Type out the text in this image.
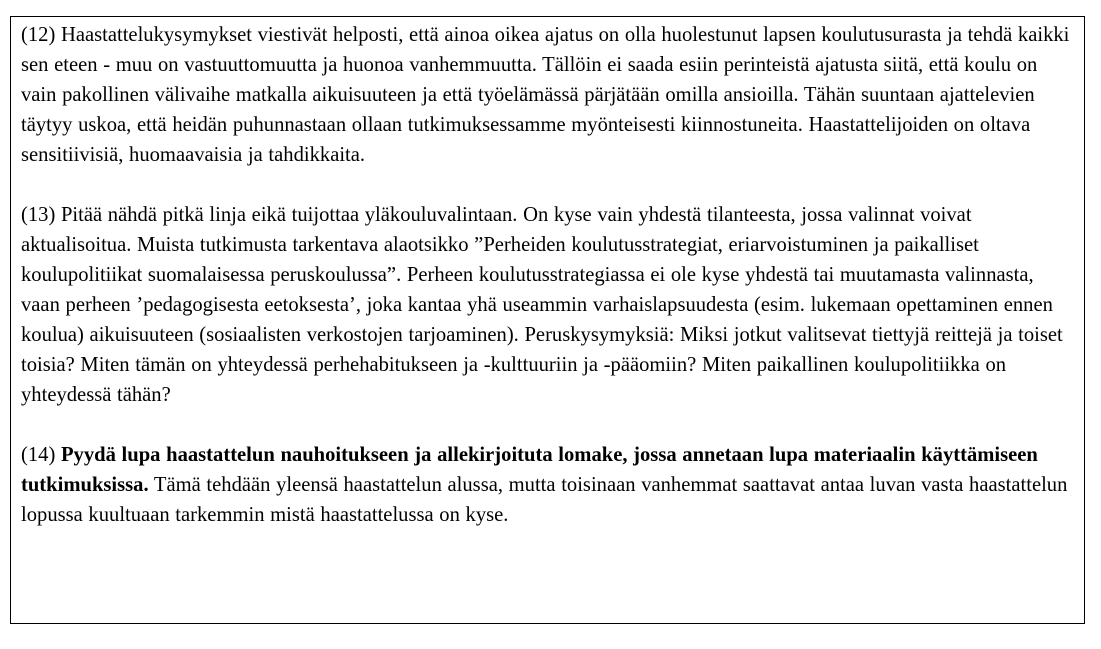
(12) Haastattelukysymykset viestivät helposti, että ainoa oikea ajatus on olla huolestunut lapsen koulutusurasta ja tehdä kaikki sen eteen - muu on vastuuttomuutta ja huonoa vanhemmuutta. Tällöin ei saada esiin perinteistä ajatusta siitä, että koulu on vain pakollinen välivaihe matkalla aikuisuuteen ja että työelämässä pärjätään omilla ansioilla. Tähän suuntaan ajattelevien täytyy uskoa, että heidän puhunnastaan ollaan tutkimuksessamme myönteisesti kiinnostuneita. Haastattelijoiden on oltava sensitiivisiä, huomaavaisia ja tahdikkaita.

(13) Pitää nähdä pitkä linja eikä tuijottaa yläkouluvalintaan. On kyse vain yhdestä tilanteesta, jossa valinnat voivat aktualisoitua. Muista tutkimusta tarkentava alaotsikko ”Perheiden koulutusstrategiat, eriarvoistuminen ja paikalliset koulupolitiikat suomalaisessa peruskoulussa”. Perheen koulutusstrategiassa ei ole kyse yhdestä tai muutamasta valinnasta, vaan perheen ’pedagogisesta eetoksesta’, joka kantaa yhä useammin varhaislapsuudesta (esim. lukemaan opettaminen ennen koulua) aikuisuuteen (sosiaalisten verkostojen tarjoaminen). Peruskysymyksiä: Miksi jotkut valitsevat tiettyjä reittejä ja toiset toisia? Miten tämän on yhteydessä perhehabitukseen ja -kulttuuriin ja -pääomiin? Miten paikallinen koulupolitiikka on yhteydessä tähän?

(14) Pyydä lupa haastattelun nauhoitukseen ja allekirjoituta lomake, jossa annetaan lupa materiaalin käyttämiseen tutkimuksissa. Tämä tehdään yleensä haastattelun alussa, mutta toisinaan vanhemmat saattavat antaa luvan vasta haastattelun lopussa kuultuaan tarkemmin mistä haastattelussa on kyse.
